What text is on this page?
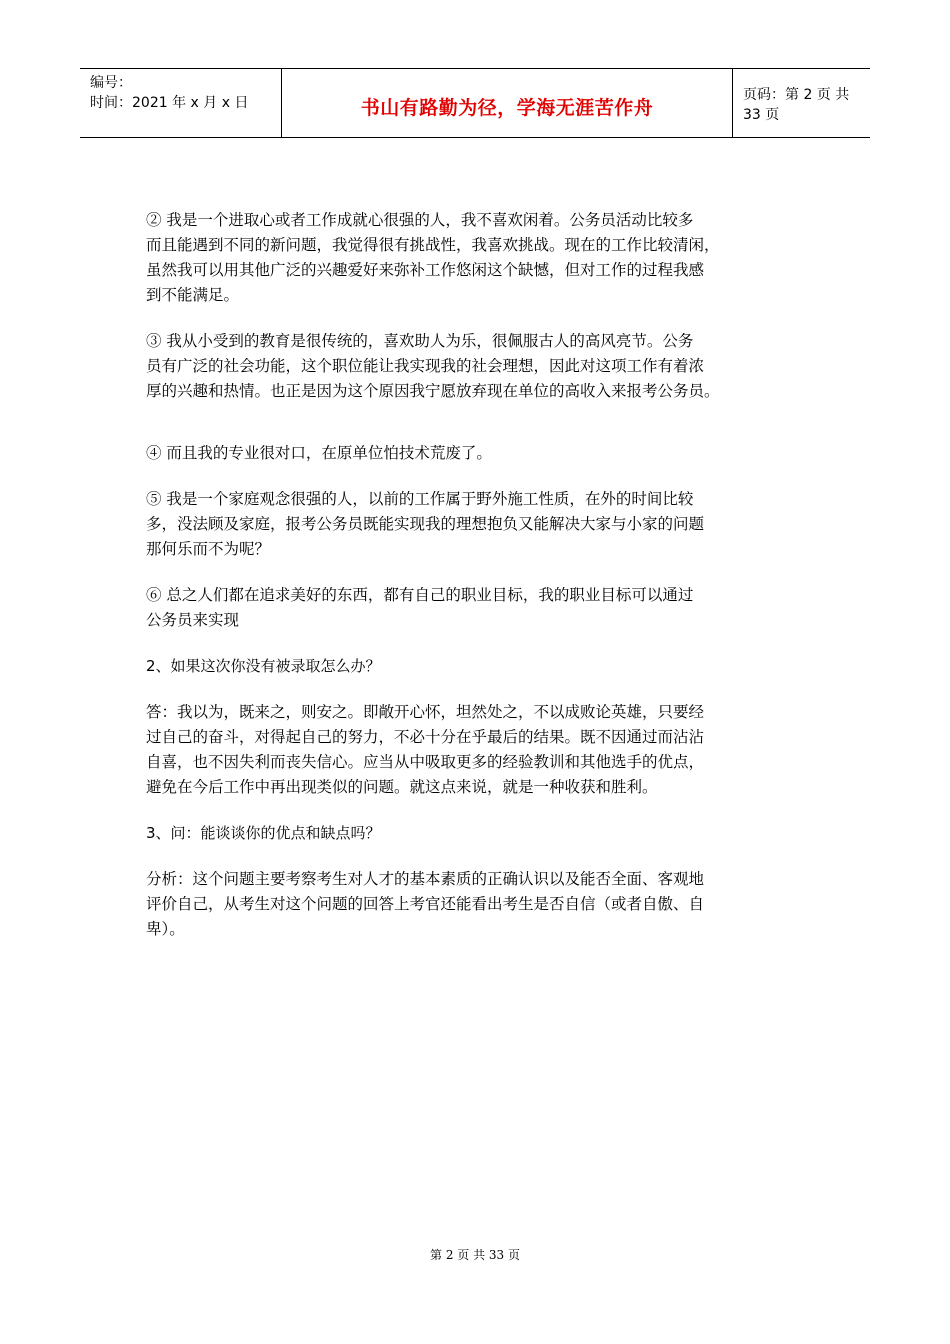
编号：
时间：2021 年 x 月 x 日	书山有路勤为径，学海无涯苦作舟
页码：第 2 页 共 33 页
② 我是一个进取心或者工作成就心很强的人，我不喜欢闲着。公务员活动比较多
而且能遇到不同的新问题，我觉得很有挑战性，我喜欢挑战。现在的工作比较清闲，
虽然我可以用其他广泛的兴趣爱好来弥补工作悠闲这个缺憾，但对工作的过程我感
到不能满足。
③ 我从小受到的教育是很传统的，喜欢助人为乐，很佩服古人的高风亮节。公务
员有广泛的社会功能，这个职位能让我实现我的社会理想，因此对这项工作有着浓
厚的兴趣和热情。也正是因为这个原因我宁愿放弃现在单位的高收入来报考公务员。
④ 而且我的专业很对口，在原单位怕技术荒废了。
⑤ 我是一个家庭观念很强的人，以前的工作属于野外施工性质，在外的时间比较
多，没法顾及家庭，报考公务员既能实现我的理想抱负又能解决大家与小家的问题
那何乐而不为呢？
⑥ 总之人们都在追求美好的东西，都有自己的职业目标，我的职业目标可以通过
公务员来实现
2、如果这次你没有被录取怎么办？
答：我以为，既来之，则安之。即敞开心怀，坦然处之，不以成败论英雄，只要经
过自己的奋斗，对得起自己的努力，不必十分在乎最后的结果。既不因通过而沾沾
自喜，也不因失利而丧失信心。应当从中吸取更多的经验教训和其他选手的优点，
避免在今后工作中再出现类似的问题。就这点来说，就是一种收获和胜利。
3、问：能谈谈你的优点和缺点吗？
分析：这个问题主要考察考生对人才的基本素质的正确认识以及能否全面、客观地
评价自己，从考生对这个问题的回答上考官还能看出考生是否自信（或者自傲、自
卑）。
第 2 页 共 33 页
